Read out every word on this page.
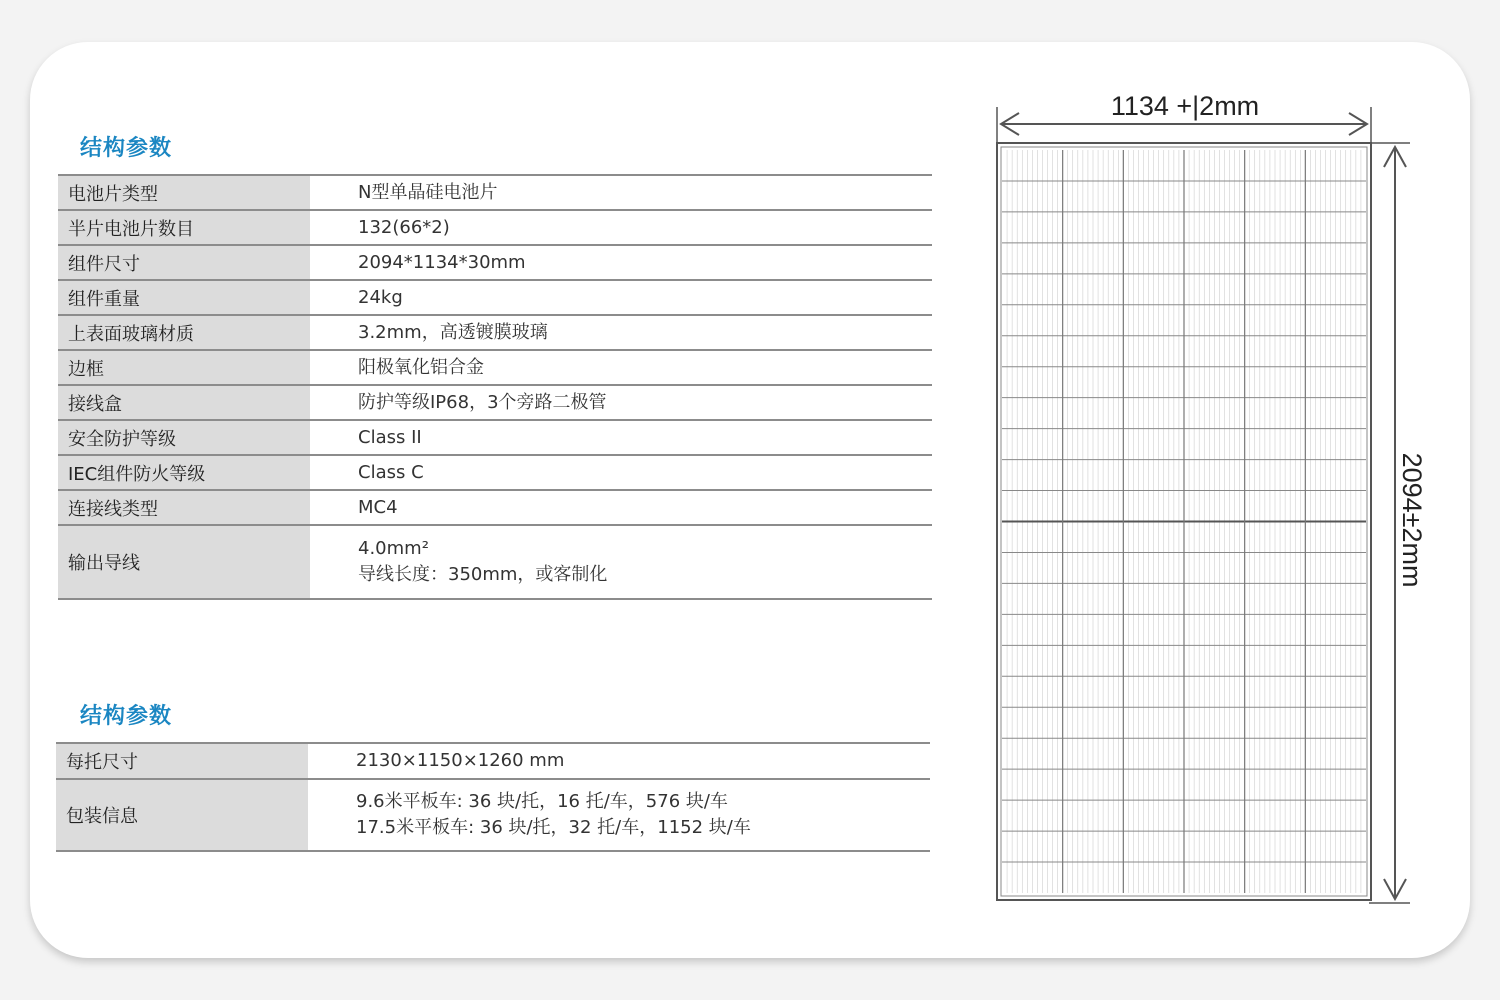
结构参数
电池片类型	N型单晶硅电池片

半片电池片数目	132(66*2)

组件尺寸	2094*1134*30mm

组件重量	24kg

上表面玻璃材质	3.2mm，高透镀膜玻璃

边框	阳极氧化铝合金

接线盒	防护等级IP68，3个旁路二极管

安全防护等级	Class II

IEC组件防火等级	Class C

连接线类型	MC4

输出导线	4.0mm²
导线长度：350mm，或客制化
结构参数
每托尺寸	2130×1150×1260 mm

包装信息	9.6米平板车: 36 块/托，16 托/车，576 块/车
17.5米平板车: 36 块/托，32 托/车，1152 块/车
1134 +|2mm
2094±2mm
